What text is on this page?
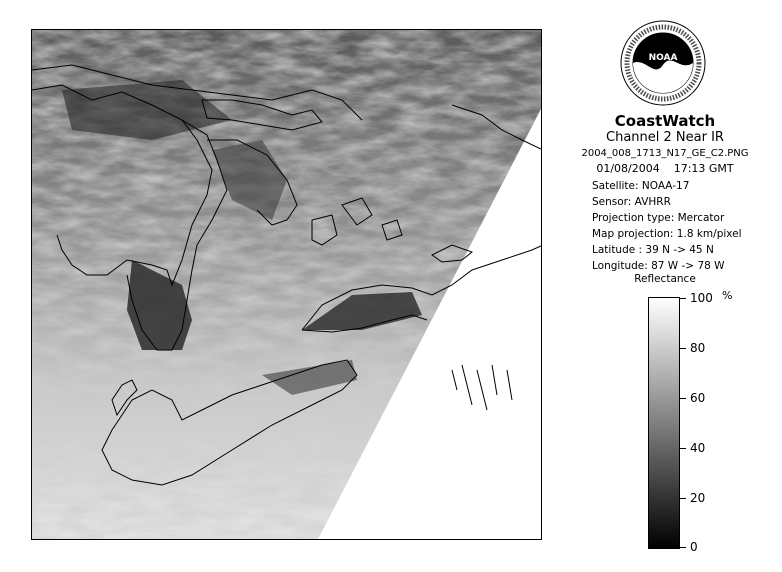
NOAA
CoastWatch
Channel 2 Near IR
2004_008_1713_N17_GE_C2.PNG
01/08/2004    17:13 GMT
Satellite: NOAA-17
Sensor: AVHRR
Projection type: Mercator
Map projection: 1.8 km/pixel
Latitude : 39 N -> 45 N
Longitude: 87 W -> 78 W
Reflectance
%
100
80
60
40
20
0
